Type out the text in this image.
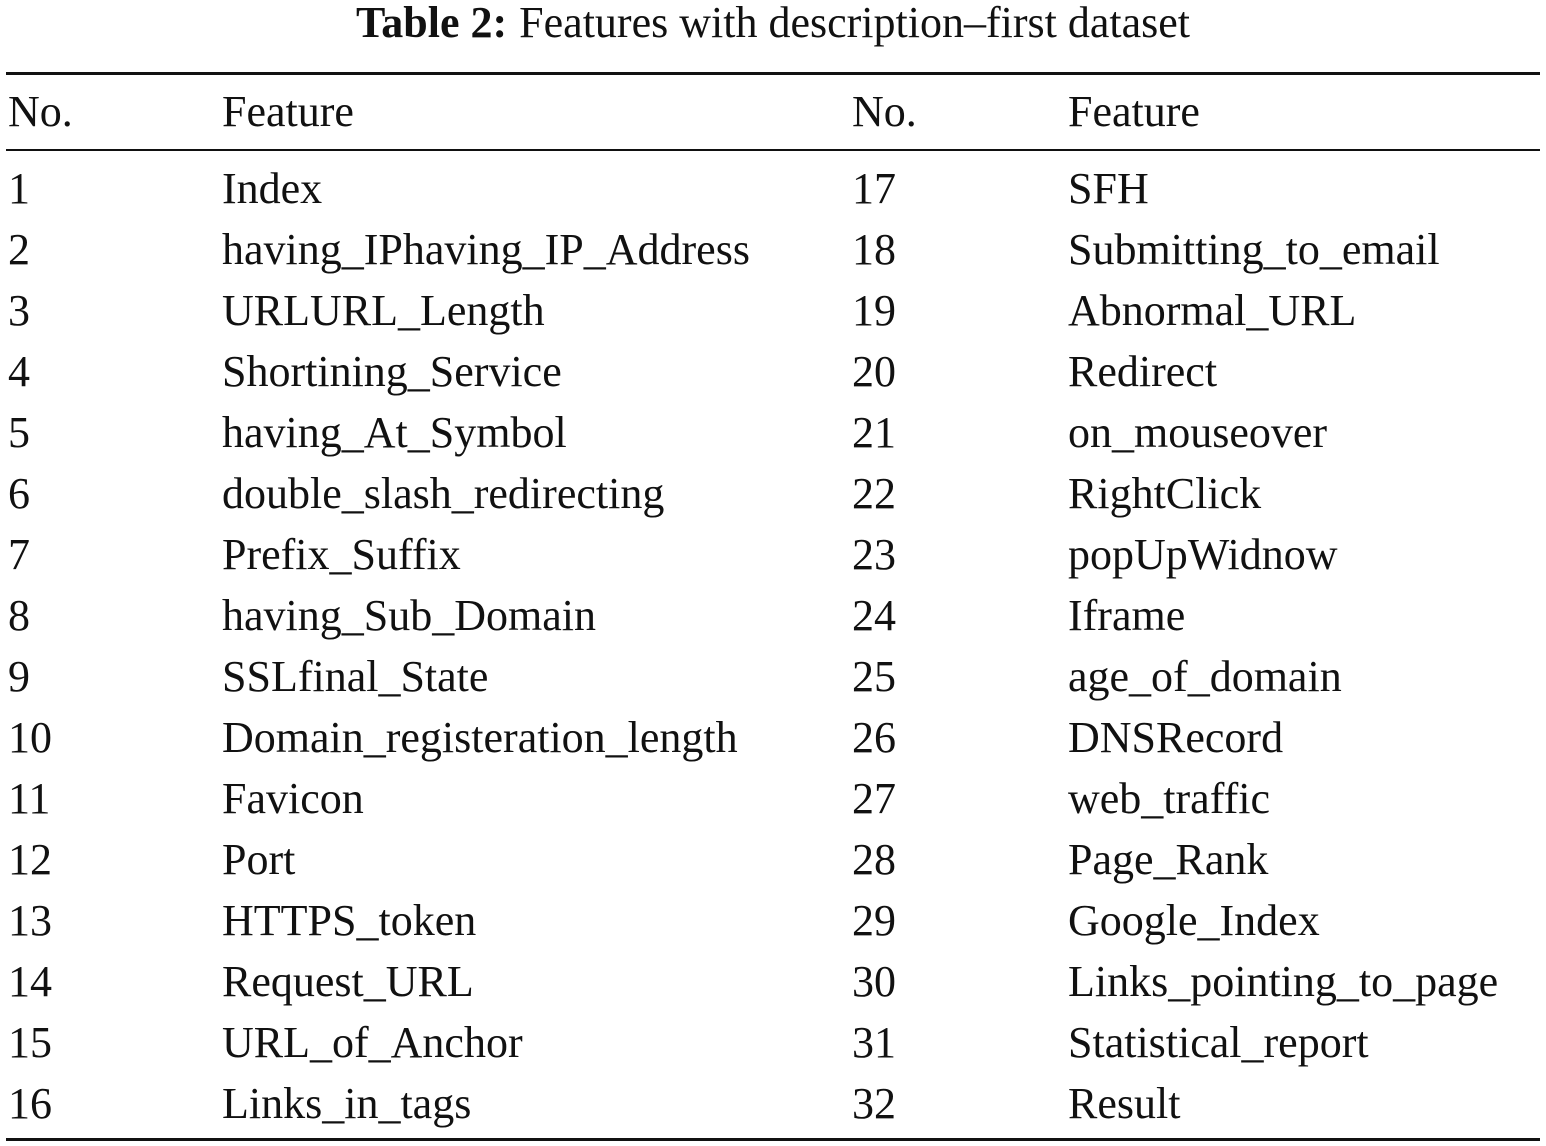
Table 2: Features with description–first dataset
No.	Feature	No.	Feature
1	Index	17	SFH
2	having_IPhaving_IP_Address 18	Submitting_to_email
3	URLURL_Length	19	Abnormal_URL
4	Shortining_Service	20	Redirect
5	having_At_Symbol	21	on_mouseover
6	double_slash_redirecting	22	RightClick
7	Prefix_Suffix	23	popUpWidnow
8	having_Sub_Domain	24	Iframe
9	SSLfinal_State	25	age_of_domain
10	Domain_registeration_length	26	DNSRecord
11	Favicon	27	web_traffic
12	Port	28	Page_Rank
13	HTTPS_token	29	Google_Index
14	Request_URL	30	Links_pointing_to_page
15	URL_of_Anchor	31	Statistical_report
16	Links_in_tags	32	Result
